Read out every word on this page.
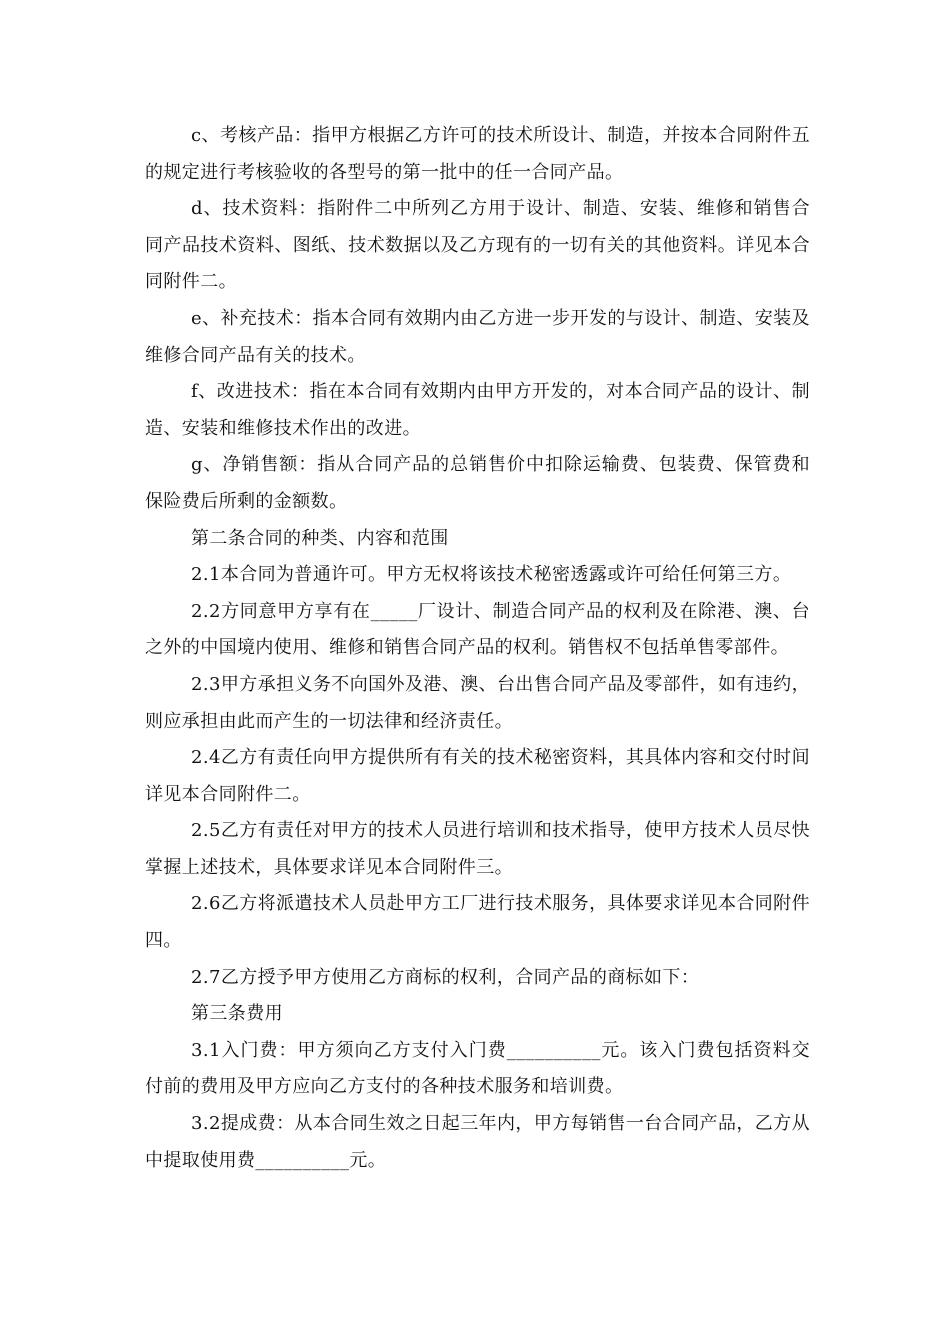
c、考核产品：指甲方根据乙方许可的技术所设计、制造，并按本合同附件五的规定进行考核验收的各型号的第一批中的任一合同产品。

d、技术资料：指附件二中所列乙方用于设计、制造、安装、维修和销售合同产品技术资料、图纸、技术数据以及乙方现有的一切有关的其他资料。详见本合同附件二。

e、补充技术：指本合同有效期内由乙方进一步开发的与设计、制造、安装及维修合同产品有关的技术。

f、改进技术：指在本合同有效期内由甲方开发的，对本合同产品的设计、制造、安装和维修技术作出的改进。

g、净销售额：指从合同产品的总销售价中扣除运输费、包装费、保管费和保险费后所剩的金额数。

第二条合同的种类、内容和范围

2.1本合同为普通许可。甲方无权将该技术秘密透露或许可给任何第三方。

2.2方同意甲方享有在_____厂设计、制造合同产品的权利及在除港、澳、台之外的中国境内使用、维修和销售合同产品的权利。销售权不包括单售零部件。

2.3甲方承担义务不向国外及港、澳、台出售合同产品及零部件，如有违约，则应承担由此而产生的一切法律和经济责任。

2.4乙方有责任向甲方提供所有有关的技术秘密资料，其具体内容和交付时间详见本合同附件二。

2.5乙方有责任对甲方的技术人员进行培训和技术指导，使甲方技术人员尽快掌握上述技术，具体要求详见本合同附件三。

2.6乙方将派遣技术人员赴甲方工厂进行技术服务，具体要求详见本合同附件四。

2.7乙方授予甲方使用乙方商标的权利，合同产品的商标如下：

第三条费用

3.1入门费：甲方须向乙方支付入门费__________元。该入门费包括资料交付前的费用及甲方应向乙方支付的各种技术服务和培训费。

3.2提成费：从本合同生效之日起三年内，甲方每销售一台合同产品，乙方从中提取使用费__________元。
